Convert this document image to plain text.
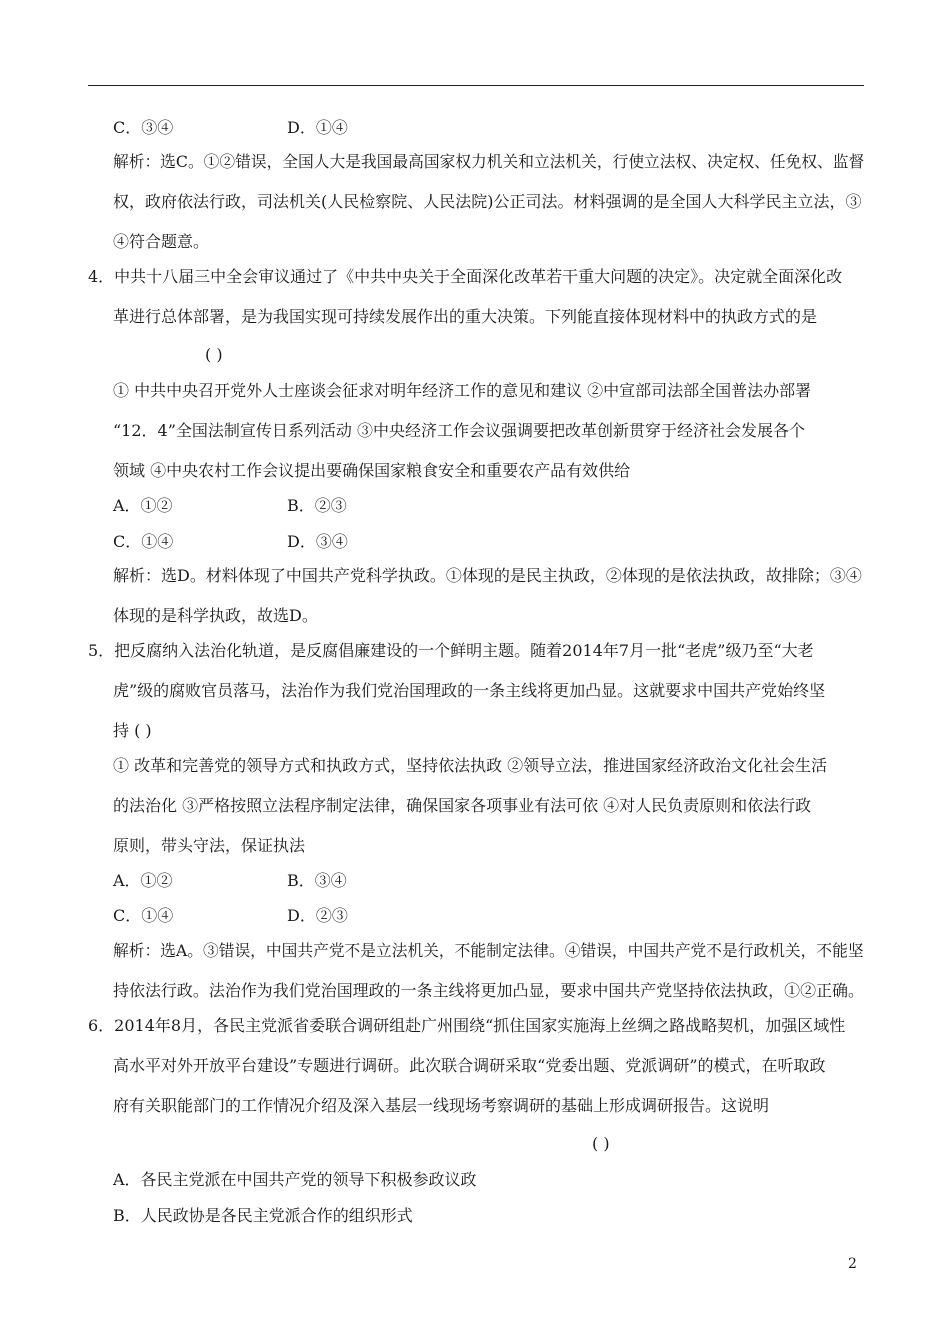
C．③④	D．①④
解析：选C。①②错误，全国人大是我国最高国家权力机关和立法机关，行使立法权、决定权、任免权、监督
权，政府依法行政，司法机关(人民检察院、人民法院)公正司法。材料强调的是全国人大科学民主立法，③
④符合题意。
4．中共十八届三中全会审议通过了《中共中央关于全面深化改革若干重大问题的决定》。决定就全面深化改
革进行总体部署，是为我国实现可持续发展作出的重大决策。下列能直接体现材料中的执政方式的是
( )
① 中共中央召开党外人士座谈会征求对明年经济工作的意见和建议 ②中宣部司法部全国普法办部署
“12．4”全国法制宣传日系列活动 ③中央经济工作会议强调要把改革创新贯穿于经济社会发展各个
领域 ④中央农村工作会议提出要确保国家粮食安全和重要农产品有效供给
A．①②	B．②③
C．①④	D．③④
解析：选D。材料体现了中国共产党科学执政。①体现的是民主执政，②体现的是依法执政，故排除；③④
体现的是科学执政，故选D。
5．把反腐纳入法治化轨道，是反腐倡廉建设的一个鲜明主题。随着2014年7月一批“老虎”级乃至“大老
虎”级的腐败官员落马，法治作为我们党治国理政的一条主线将更加凸显。这就要求中国共产党始终坚
持 ( )
① 改革和完善党的领导方式和执政方式，坚持依法执政 ②领导立法，推进国家经济政治文化社会生活
的法治化 ③严格按照立法程序制定法律，确保国家各项事业有法可依 ④对人民负责原则和依法行政
原则，带头守法，保证执法
A．①②	B．③④
C．①④	D．②③
解析：选A。③错误，中国共产党不是立法机关，不能制定法律。④错误，中国共产党不是行政机关，不能坚
持依法行政。法治作为我们党治国理政的一条主线将更加凸显，要求中国共产党坚持依法执政，①②正确。
6．2014年8月，各民主党派省委联合调研组赴广州围绕“抓住国家实施海上丝绸之路战略契机，加强区域性
高水平对外开放平台建设”专题进行调研。此次联合调研采取“党委出题、党派调研”的模式，在听取政
府有关职能部门的工作情况介绍及深入基层一线现场考察调研的基础上形成调研报告。这说明
( )
A．各民主党派在中国共产党的领导下积极参政议政
B．人民政协是各民主党派合作的组织形式
2
